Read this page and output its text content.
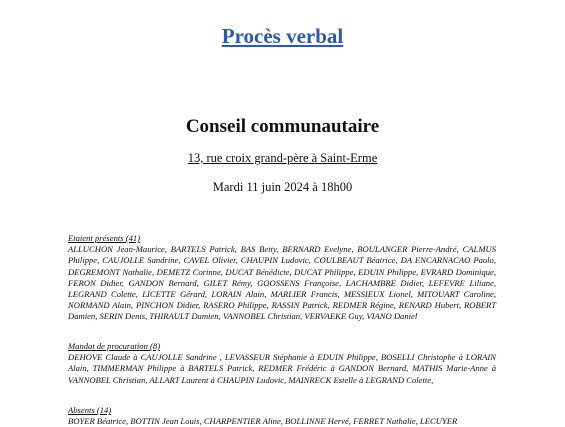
Procès verbal
Conseil communautaire
13, rue croix grand-père à Saint-Erme
Mardi 11 juin 2024 à 18h00
Etaient présents (41)
ALLUCHON Jean-Maurice, BARTELS Patrick, BAS Betty, BERNARD Evelyne, BOULANGER Pierre-André, CALMUS Philippe, CAUJOLLE Sandrine, CAVEL Olivier, CHAUPIN Ludovic, COULBEAUT Béatrice, DA ENCARNACAO Paolo, DEGREMONT Nathalie, DEMETZ Corinne, DUCAT Bénédicte, DUCAT Philippe, EDUIN Philippe, EVRARD Dominique, FERON Didier, GANDON Bernard, GILET Rémy, GOOSSENS Françoise, LACHAMBRE Didier, LEFEVRE Liliane, LEGRAND Colette, LICETTE Gérard, LORAIN Alain, MARLIER Francis, MESSIEUX Lionel, MITOUART Caroline, NORMAND Alain, PINCHON Didier, RASERO Philippe, RASSIN Patrick, REDMER Régine, RENARD Hubert, ROBERT Damien, SERIN Denis, THIRAULT Damien, VANNOBEL Christian, VERVAEKE Guy, VIANO Daniel
Mandat de procuration (8)
DEHOVE Claude à CAUJOLLE Sandrine , LEVASSEUR Stéphanie à EDUIN Philippe, BOSELLI Christophe à LORAIN Alain, TIMMERMAN Philippe à BARTELS Patrick, REDMER Frédéric à GANDON Bernard, MATHIS Marie-Anne à VANNOBEL Christian, ALLART Laurent à CHAUPIN Ludovic, MAINRECK Estelle à LEGRAND Colette,
Absents (14)
BOYER Béatrice, BOTTIN Jean Louis, CHARPENTIER Aline, BOLLINNE Hervé, FERRET Nathalie, LECUYER
